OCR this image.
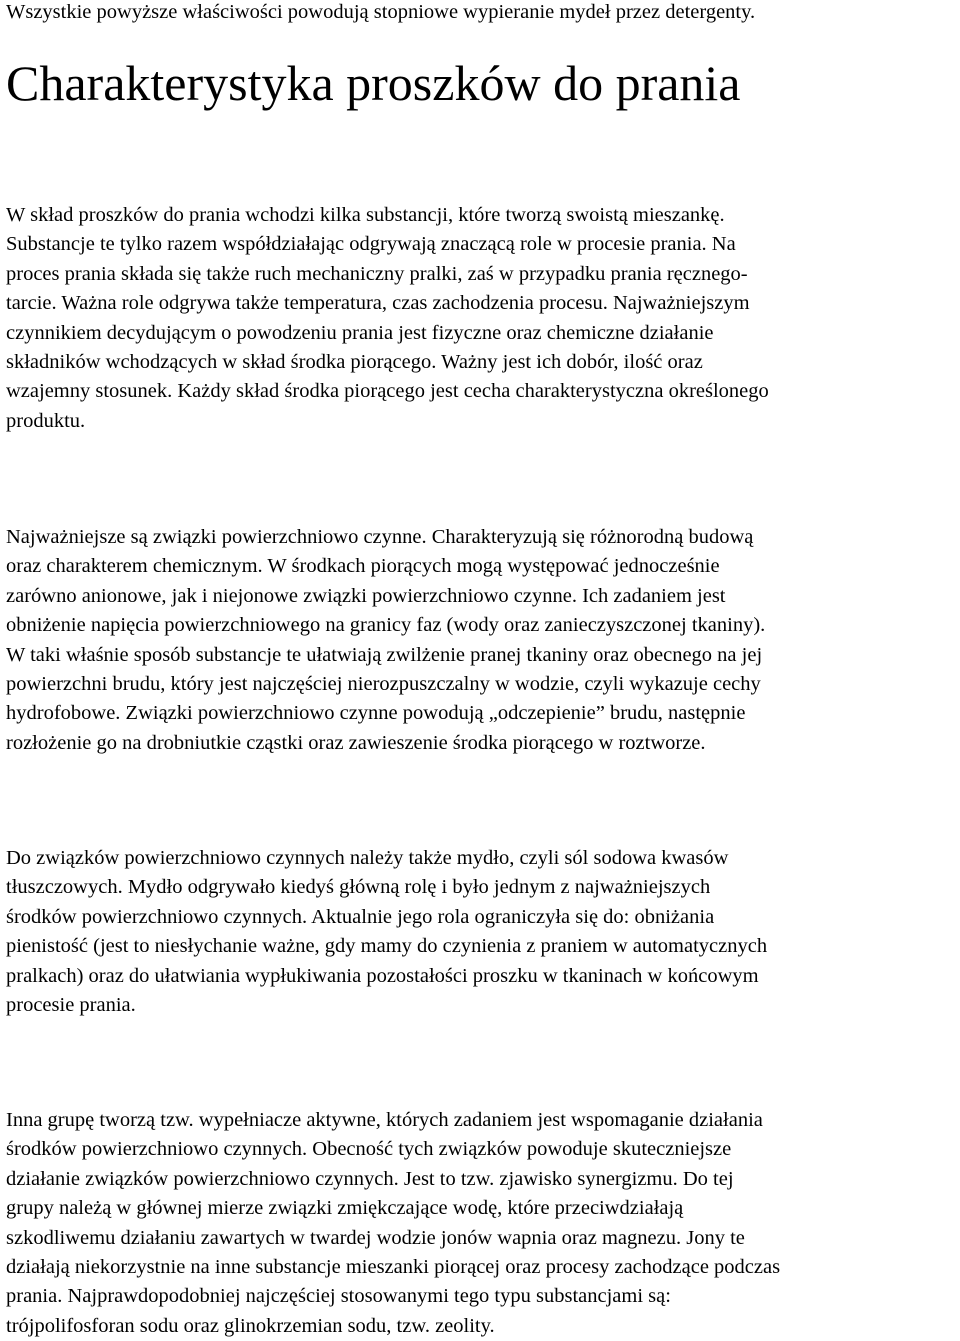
Wszystkie powyższe właściwości powodują stopniowe wypieranie mydeł przez detergenty.

Charakterystyka proszków do prania

W skład proszków do prania wchodzi kilka substancji, które tworzą swoistą mieszankę.

Substancje te tylko razem współdziałając odgrywają znaczącą role w procesie prania. Na

proces prania składa się także ruch mechaniczny pralki, zaś w przypadku prania ręcznego-

tarcie. Ważna role odgrywa także temperatura, czas zachodzenia procesu. Najważniejszym

czynnikiem decydującym o powodzeniu prania jest fizyczne oraz chemiczne działanie

składników wchodzących w skład środka piorącego. Ważny jest ich dobór, ilość oraz

wzajemny stosunek. Każdy skład środka piorącego jest cecha charakterystyczna określonego

produktu.

Najważniejsze są związki powierzchniowo czynne. Charakteryzują się różnorodną budową

oraz charakterem chemicznym. W środkach piorących mogą występować jednocześnie

zarówno anionowe, jak i niejonowe związki powierzchniowo czynne. Ich zadaniem jest

obniżenie napięcia powierzchniowego na granicy faz (wody oraz zanieczyszczonej tkaniny).

W taki właśnie sposób substancje te ułatwiają zwilżenie pranej tkaniny oraz obecnego na jej

powierzchni brudu, który jest najczęściej nierozpuszczalny w wodzie, czyli wykazuje cechy

hydrofobowe. Związki powierzchniowo czynne powodują „odczepienie” brudu, następnie

rozłożenie go na drobniutkie cząstki oraz zawieszenie środka piorącego w roztworze.

Do związków powierzchniowo czynnych należy także mydło, czyli sól sodowa kwasów

tłuszczowych. Mydło odgrywało kiedyś główną rolę i było jednym z najważniejszych

środków powierzchniowo czynnych. Aktualnie jego rola ograniczyła się do: obniżania

pienistość (jest to niesłychanie ważne, gdy mamy do czynienia z praniem w automatycznych

pralkach) oraz do ułatwiania wypłukiwania pozostałości proszku w tkaninach w końcowym

procesie prania.

Inna grupę tworzą tzw. wypełniacze aktywne, których zadaniem jest wspomaganie działania

środków powierzchniowo czynnych. Obecność tych związków powoduje skuteczniejsze

działanie związków powierzchniowo czynnych. Jest to tzw. zjawisko synergizmu. Do tej

grupy należą w głównej mierze związki zmiękczające wodę, które przeciwdziałają

szkodliwemu działaniu zawartych w twardej wodzie jonów wapnia oraz magnezu. Jony te

działają niekorzystnie na inne substancje mieszanki piorącej oraz procesy zachodzące podczas

prania. Najprawdopodobniej najczęściej stosowanymi tego typu substancjami są:

trójpolifosforan sodu oraz glinokrzemian sodu, tzw. zeolity.
